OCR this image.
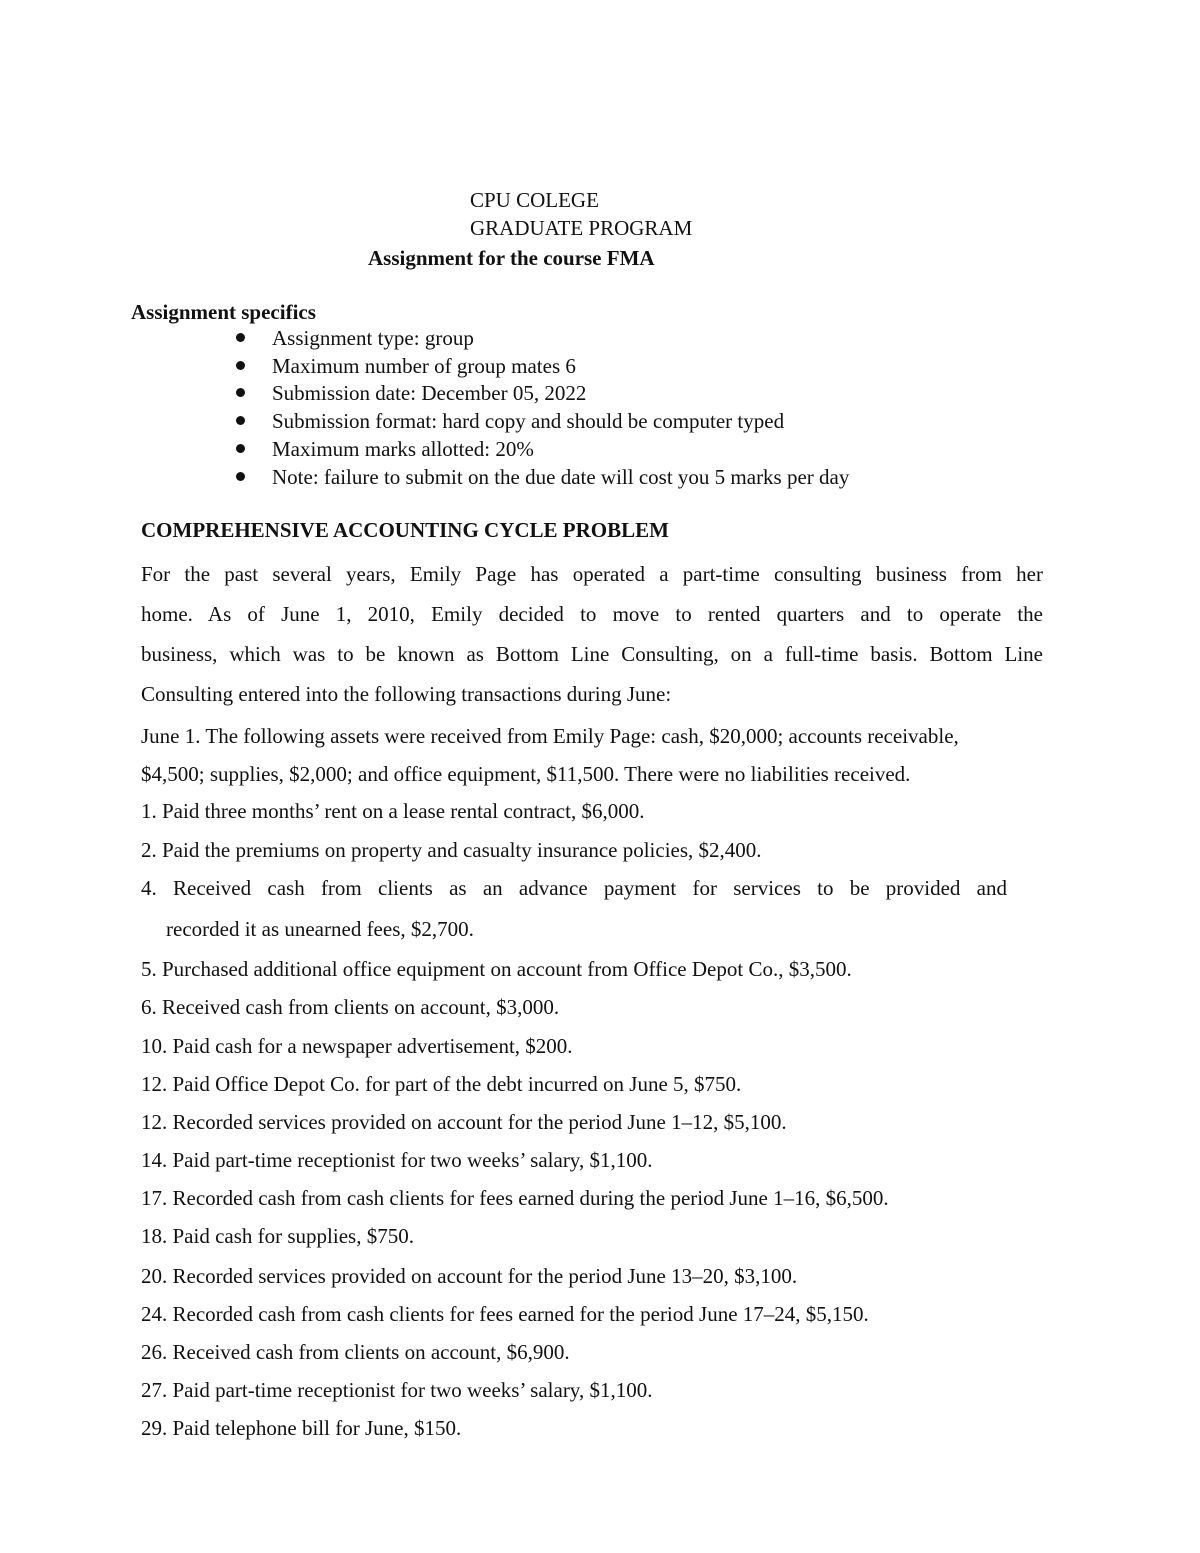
CPU COLEGE
GRADUATE PROGRAM
Assignment for the course FMA
Assignment specifics
Assignment type: group
Maximum number of group mates 6
Submission date: December 05, 2022
Submission format: hard copy and should be computer typed
Maximum marks allotted: 20%
Note: failure to submit on the due date will cost you 5 marks per day
COMPREHENSIVE ACCOUNTING CYCLE PROBLEM
For the past several years, Emily Page has operated a part-time consulting business from her
home. As of June 1, 2010, Emily decided to move to rented quarters and to operate the
business, which was to be known as Bottom Line Consulting, on a full-time basis. Bottom Line
Consulting entered into the following transactions during June:
June 1. The following assets were received from Emily Page: cash, $20,000; accounts receivable,
$4,500; supplies, $2,000; and office equipment, $11,500. There were no liabilities received.
1. Paid three months’ rent on a lease rental contract, $6,000.
2. Paid the premiums on property and casualty insurance policies, $2,400.
4. Received cash from clients as an advance payment for services to be provided and
recorded it as unearned fees, $2,700.
5. Purchased additional office equipment on account from Office Depot Co., $3,500.
6. Received cash from clients on account, $3,000.
10. Paid cash for a newspaper advertisement, $200.
12. Paid Office Depot Co. for part of the debt incurred on June 5, $750.
12. Recorded services provided on account for the period June 1–12, $5,100.
14. Paid part-time receptionist for two weeks’ salary, $1,100.
17. Recorded cash from cash clients for fees earned during the period June 1–16, $6,500.
18. Paid cash for supplies, $750.
20. Recorded services provided on account for the period June 13–20, $3,100.
24. Recorded cash from cash clients for fees earned for the period June 17–24, $5,150.
26. Received cash from clients on account, $6,900.
27. Paid part-time receptionist for two weeks’ salary, $1,100.
29. Paid telephone bill for June, $150.
